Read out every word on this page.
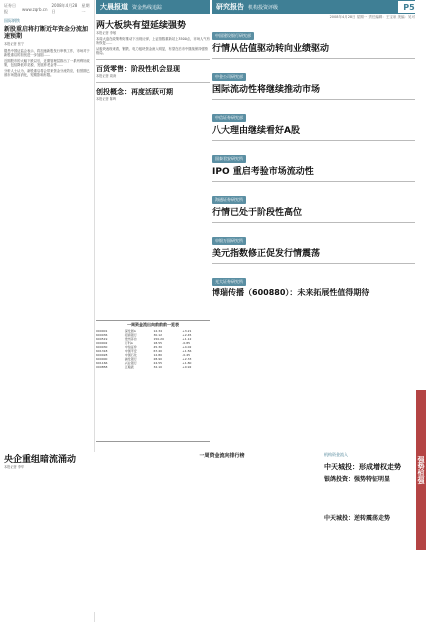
证券日报	www.zqrb.cn
2008年4月28日
星期一
大晨报道 资金热线追踪	研究报告 机构投资评级	P5
2008年4月28日 星期一 责任编辑：王宝泉 美编：吴可
国际钢铁
新股重启将打断近年资金分流加速预期
本报记者 张宁

据悉中国证监会表示，将加速新股发行审核工作，市场对于新股重启的担忧进一步加剧……

近期股市的大幅下跌以后，近期管理层推出了一系列利好政策，包括降低印花税、发展养老金等……

分析人士认为，新股重启将会带来资金分流效应，但预期已被市场提前消化，短期影响有限。

两大板块有望延续强势
本报记者 李敏

本周大盘在政策利好推动下出现反弹，上证指数重新站上3500点，市场人气有所恢复……

从板块表现来看，钢铁、电力板块资金流入明显，有望在后市中继续保持强势格局。

百货零售：阶段性机会显现
本报记者 周涛
创投概念：再度活跃可期
本报记者 陈晖
一周资金流出向前前前一览表
000001	深发展A	12.34	+3.21
600036	招商银行	30.12	+2.45
600519	贵州茅台	150.20	+1.12
000002	万科A	18.55	-0.85
600030	中信证券	45.30	+4.02
601318	中国平安	67.40	+1.56
600028	中国石化	12.80	-0.45
600000	浦发银行	28.90	+2.33
601166	兴业银行	24.55	+1.80
000858	五粮液	32.10	+0.92
中国建设银行研究部
行情从估值驱动转向业绩驱动
中金公司研究部
国际流动性将继续推动市场
中信证券研究部
八大理由继续看好A股
国泰君安研究所
IPO 重启考验市场流动性
海通证券研究所
行情已处于阶段性高位
申银万国研究所
美元指数修正促发行情震荡
光大证券研究所
博瑞传播（600880）：未来拓展性值得期待
央企重组暗流涌动
本报记者 李华
一周资金流向排行榜	机构资金流入
中天城投：形成增权走势
银鸽投资：强势特征明显
中天城投：逆转震荡走势
强势恒强
